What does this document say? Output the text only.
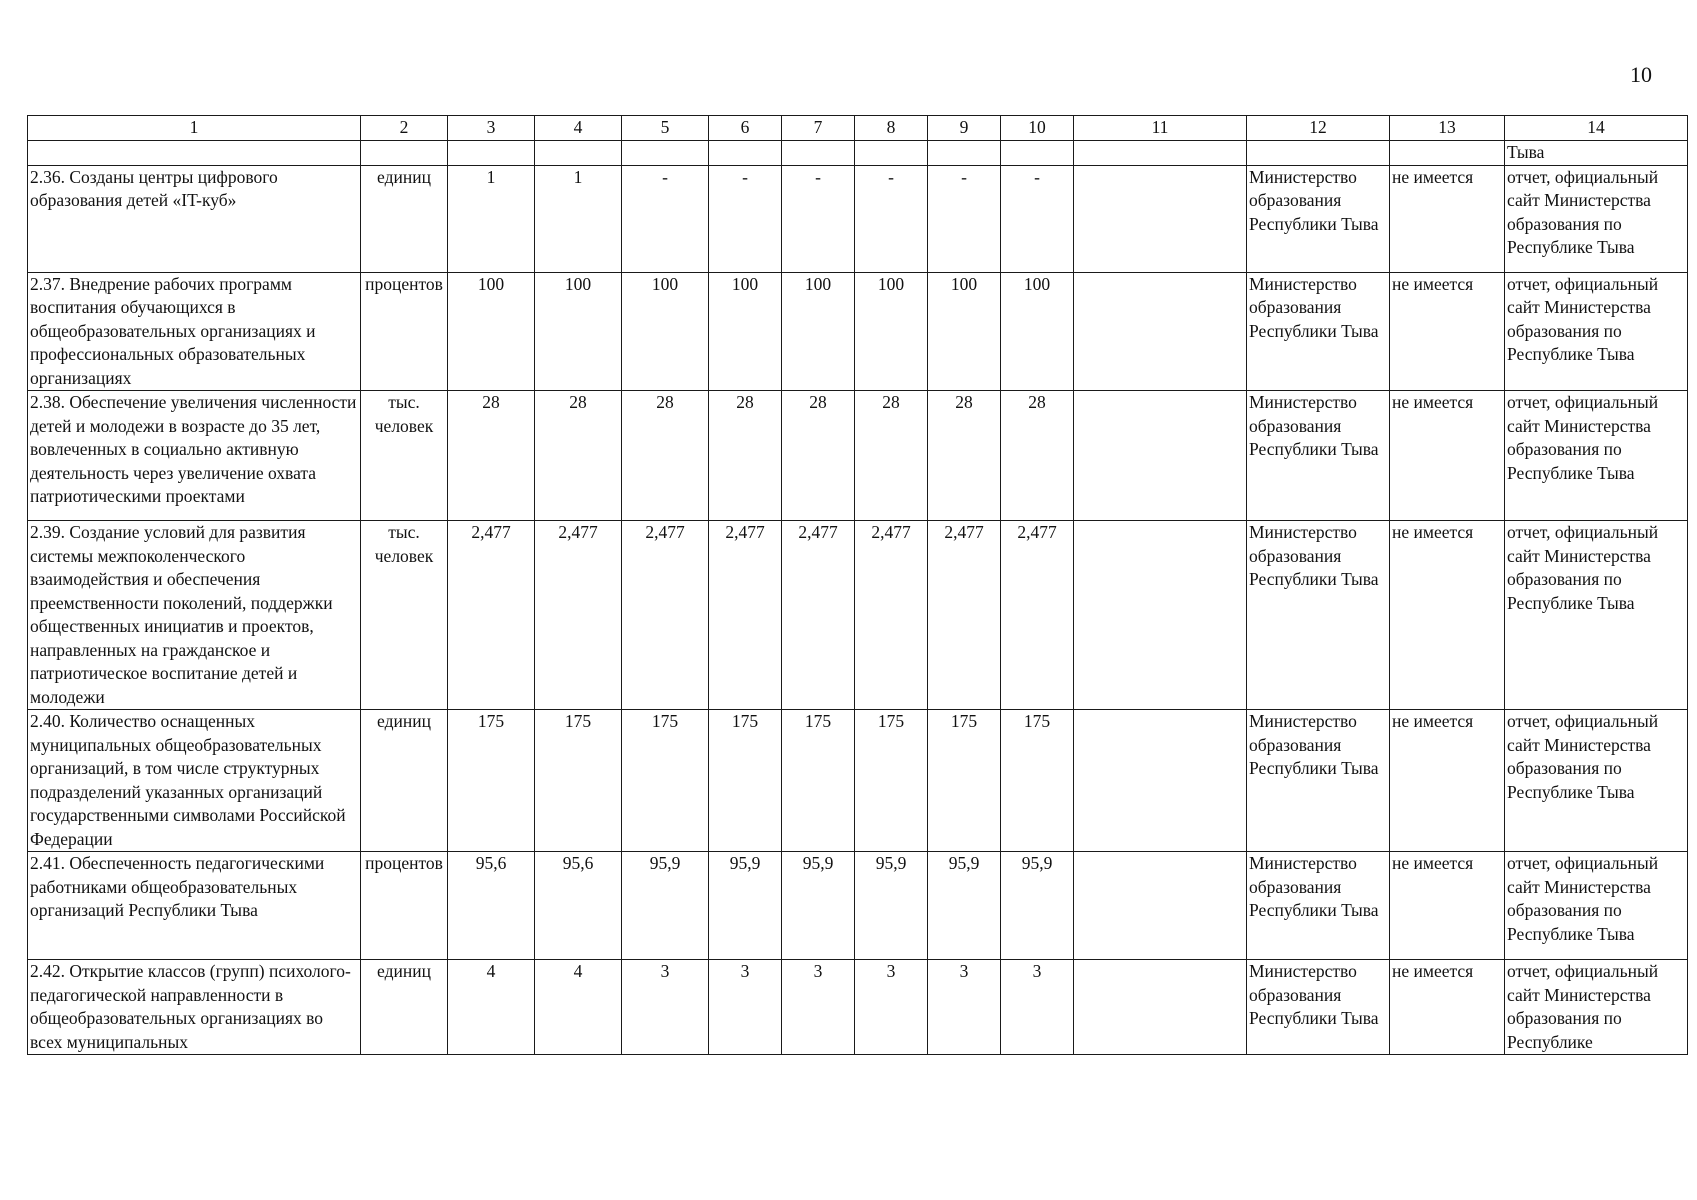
10
1	2	3	4	5	6	7	8	9	10	11	12	13	14
													Тыва
2.36. Созданы центры цифрового образования детей «IT-куб»	единиц	1	1	-	-	-	-	-	-		Министерство образования Республики Тыва	не имеется	отчет, официальный сайт Министерства образования по Республике Тыва
2.37. Внедрение рабочих программ воспитания обучающихся в общеобразовательных организациях и профессиональных образовательных организациях	процентов	100	100	100	100	100	100	100	100		Министерство образования Республики Тыва	не имеется	отчет, официальный сайт Министерства образования по Республике Тыва
2.38. Обеспечение увеличения численности детей и молодежи в возрасте до 35 лет, вовлеченных в социально активную деятельность через увеличение охвата патриотическими проектами	тыс. человек	28	28	28	28	28	28	28	28		Министерство образования Республики Тыва	не имеется	отчет, официальный сайт Министерства образования по Республике Тыва
2.39. Создание условий для развития системы межпоколенческого взаимодействия и обеспечения преемственности поколений, поддержки общественных инициатив и проектов, направленных на гражданское и патриотическое воспитание детей и молодежи	тыс. человек	2,477	2,477	2,477	2,477	2,477	2,477	2,477	2,477		Министерство образования Республики Тыва	не имеется	отчет, официальный сайт Министерства образования по Республике Тыва
2.40. Количество оснащенных муниципальных общеобразовательных организаций, в том числе структурных подразделений указанных организаций государственными символами Российской Федерации	единиц	175	175	175	175	175	175	175	175		Министерство образования Республики Тыва	не имеется	отчет, официальный сайт Министерства образования по Республике Тыва
2.41. Обеспеченность педагогическими работниками общеобразовательных организаций Республики Тыва	процентов	95,6	95,6	95,9	95,9	95,9	95,9	95,9	95,9		Министерство образования Республики Тыва	не имеется	отчет, официальный сайт Министерства образования по Республике Тыва
2.42. Открытие классов (групп) психолого-педагогической направленности в общеобразовательных организациях во всех муниципальных	единиц	4	4	3	3	3	3	3	3		Министерство образования Республики Тыва	не имеется	отчет, официальный сайт Министерства образования по Республике
